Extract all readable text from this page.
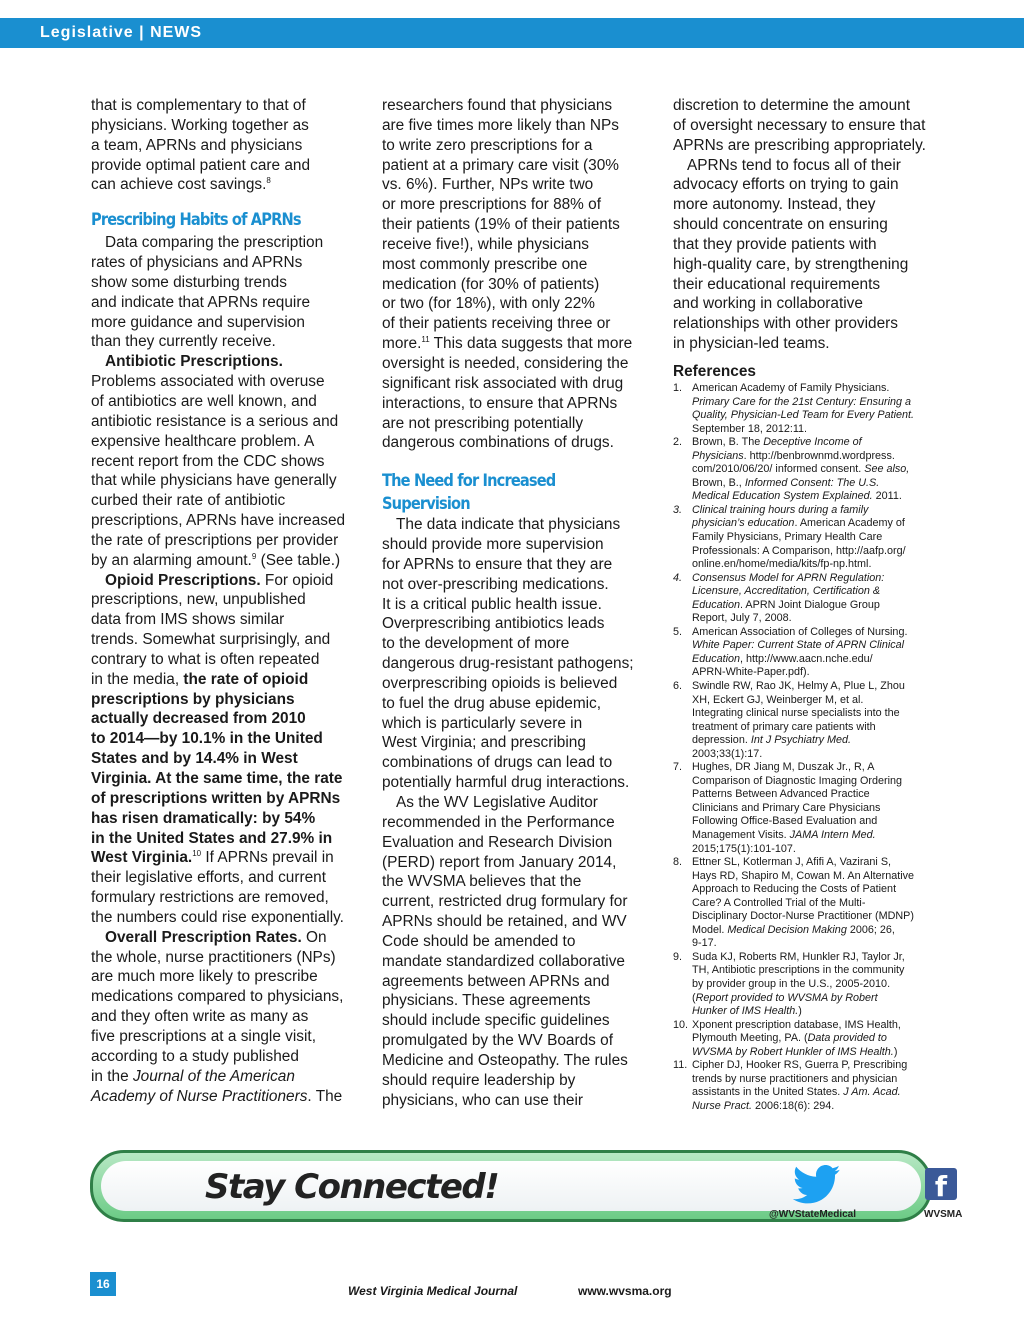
Legislative | NEWS
that is complementary to that of
physicians. Working together as
a team, APRNs and physicians
provide optimal patient care and
can achieve cost savings.$^8$
Prescribing Habits of APRNs
Data comparing the prescription
rates of physicians and APRNs
show some disturbing trends
and indicate that APRNs require
more guidance and supervision
than they currently receive.
Antibiotic Prescriptions.
Problems associated with overuse
of antibiotics are well known, and
antibiotic resistance is a serious and
expensive healthcare problem. A
recent report from the CDC shows
that while physicians have generally
curbed their rate of antibiotic
prescriptions, APRNs have increased
the rate of prescriptions per provider
by an alarming amount.$^9$ (See table.)
Opioid Prescriptions. For opioid
prescriptions, new, unpublished
data from IMS shows similar
trends. Somewhat surprisingly, and
contrary to what is often repeated
in the media, the rate of opioid
prescriptions by physicians
actually decreased from 2010
to 2014—by 10.1% in the United
States and by 14.4% in West
Virginia. At the same time, the rate
of prescriptions written by APRNs
has risen dramatically: by 54%
in the United States and 27.9% in
West Virginia.$^{10}$ If APRNs prevail in
their legislative efforts, and current
formulary restrictions are removed,
the numbers could rise exponentially.
Overall Prescription Rates. On
the whole, nurse practitioners (NPs)
are much more likely to prescribe
medications compared to physicians,
and they often write as many as
five prescriptions at a single visit,
according to a study published
in the Journal of the American
Academy of Nurse Practitioners. The
researchers found that physicians
are five times more likely than NPs
to write zero prescriptions for a
patient at a primary care visit (30%
vs. 6%). Further, NPs write two
or more prescriptions for 88% of
their patients (19% of their patients
receive five!), while physicians
most commonly prescribe one
medication (for 30% of patients)
or two (for 18%), with only 22%
of their patients receiving three or
more.$^{11}$ This data suggests that more
oversight is needed, considering the
significant risk associated with drug
interactions, to ensure that APRNs
are not prescribing potentially
dangerous combinations of drugs.
The Need for Increased
Supervision
The data indicate that physicians
should provide more supervision
for APRNs to ensure that they are
not over-prescribing medications.
It is a critical public health issue.
Overprescribing antibiotics leads
to the development of more
dangerous drug-resistant pathogens;
overprescribing opioids is believed
to fuel the drug abuse epidemic,
which is particularly severe in
West Virginia; and prescribing
combinations of drugs can lead to
potentially harmful drug interactions.
As the WV Legislative Auditor
recommended in the Performance
Evaluation and Research Division
(PERD) report from January 2014,
the WVSMA believes that the
current, restricted drug formulary for
APRNs should be retained, and WV
Code should be amended to
mandate standardized collaborative
agreements between APRNs and
physicians. These agreements
should include specific guidelines
promulgated by the WV Boards of
Medicine and Osteopathy. The rules
should require leadership by
physicians, who can use their
discretion to determine the amount
of oversight necessary to ensure that
APRNs are prescribing appropriately.
APRNs tend to focus all of their
advocacy efforts on trying to gain
more autonomy. Instead, they
should concentrate on ensuring
that they provide patients with
high-quality care, by strengthening
their educational requirements
and working in collaborative
relationships with other providers
in physician-led teams.
References
1. American Academy of Family Physicians.
Primary Care for the 21st Century: Ensuring a
Quality, Physician-Led Team for Every Patient.
September 18, 2012:11.
2. Brown, B. The Deceptive Income of
Physicians. http://benbrownmd.wordpress.
com/2010/06/20/ informed consent. See also,
Brown, B., Informed Consent: The U.S.
Medical Education System Explained. 2011.
3. Clinical training hours during a family
physician’s education. American Academy of
Family Physicians, Primary Health Care
Professionals: A Comparison, http://aafp.org/
online.en/home/media/kits/fp-np.html.
4. Consensus Model for APRN Regulation:
Licensure, Accreditation, Certification &
Education. APRN Joint Dialogue Group
Report, July 7, 2008.
5. American Association of Colleges of Nursing.
White Paper: Current State of APRN Clinical
Education, http://www.aacn.nche.edu/
APRN-White-Paper.pdf).
6. Swindle RW, Rao JK, Helmy A, Plue L, Zhou
XH, Eckert GJ, Weinberger M, et al.
Integrating clinical nurse specialists into the
treatment of primary care patients with
depression. Int J Psychiatry Med.
2003;33(1):17.
7. Hughes, DR Jiang M, Duszak Jr., R, A
Comparison of Diagnostic Imaging Ordering
Patterns Between Advanced Practice
Clinicians and Primary Care Physicians
Following Office-Based Evaluation and
Management Visits. JAMA Intern Med.
2015;175(1):101-107.
8. Ettner SL, Kotlerman J, Afifi A, Vazirani S,
Hays RD, Shapiro M, Cowan M. An Alternative
Approach to Reducing the Costs of Patient
Care? A Controlled Trial of the Multi-
Disciplinary Doctor-Nurse Practitioner (MDNP)
Model. Medical Decision Making 2006; 26,
9-17.
9. Suda KJ, Roberts RM, Hunkler RJ, Taylor Jr,
TH, Antibiotic prescriptions in the community
by provider group in the U.S., 2005-2010.
(Report provided to WVSMA by Robert
Hunker of IMS Health.)
10. Xponent prescription database, IMS Health,
Plymouth Meeting, PA. (Data provided to
WVSMA by Robert Hunkler of IMS Health.)
11. Cipher DJ, Hooker RS, Guerra P, Prescribing
trends by nurse practitioners and physician
assistants in the United States. J Am. Acad.
Nurse Pract. 2006:18(6): 294.
Stay Connected!
@WVStateMedical
f
WVSMA
16	West Virginia Medical Journal	www.wvsma.org
